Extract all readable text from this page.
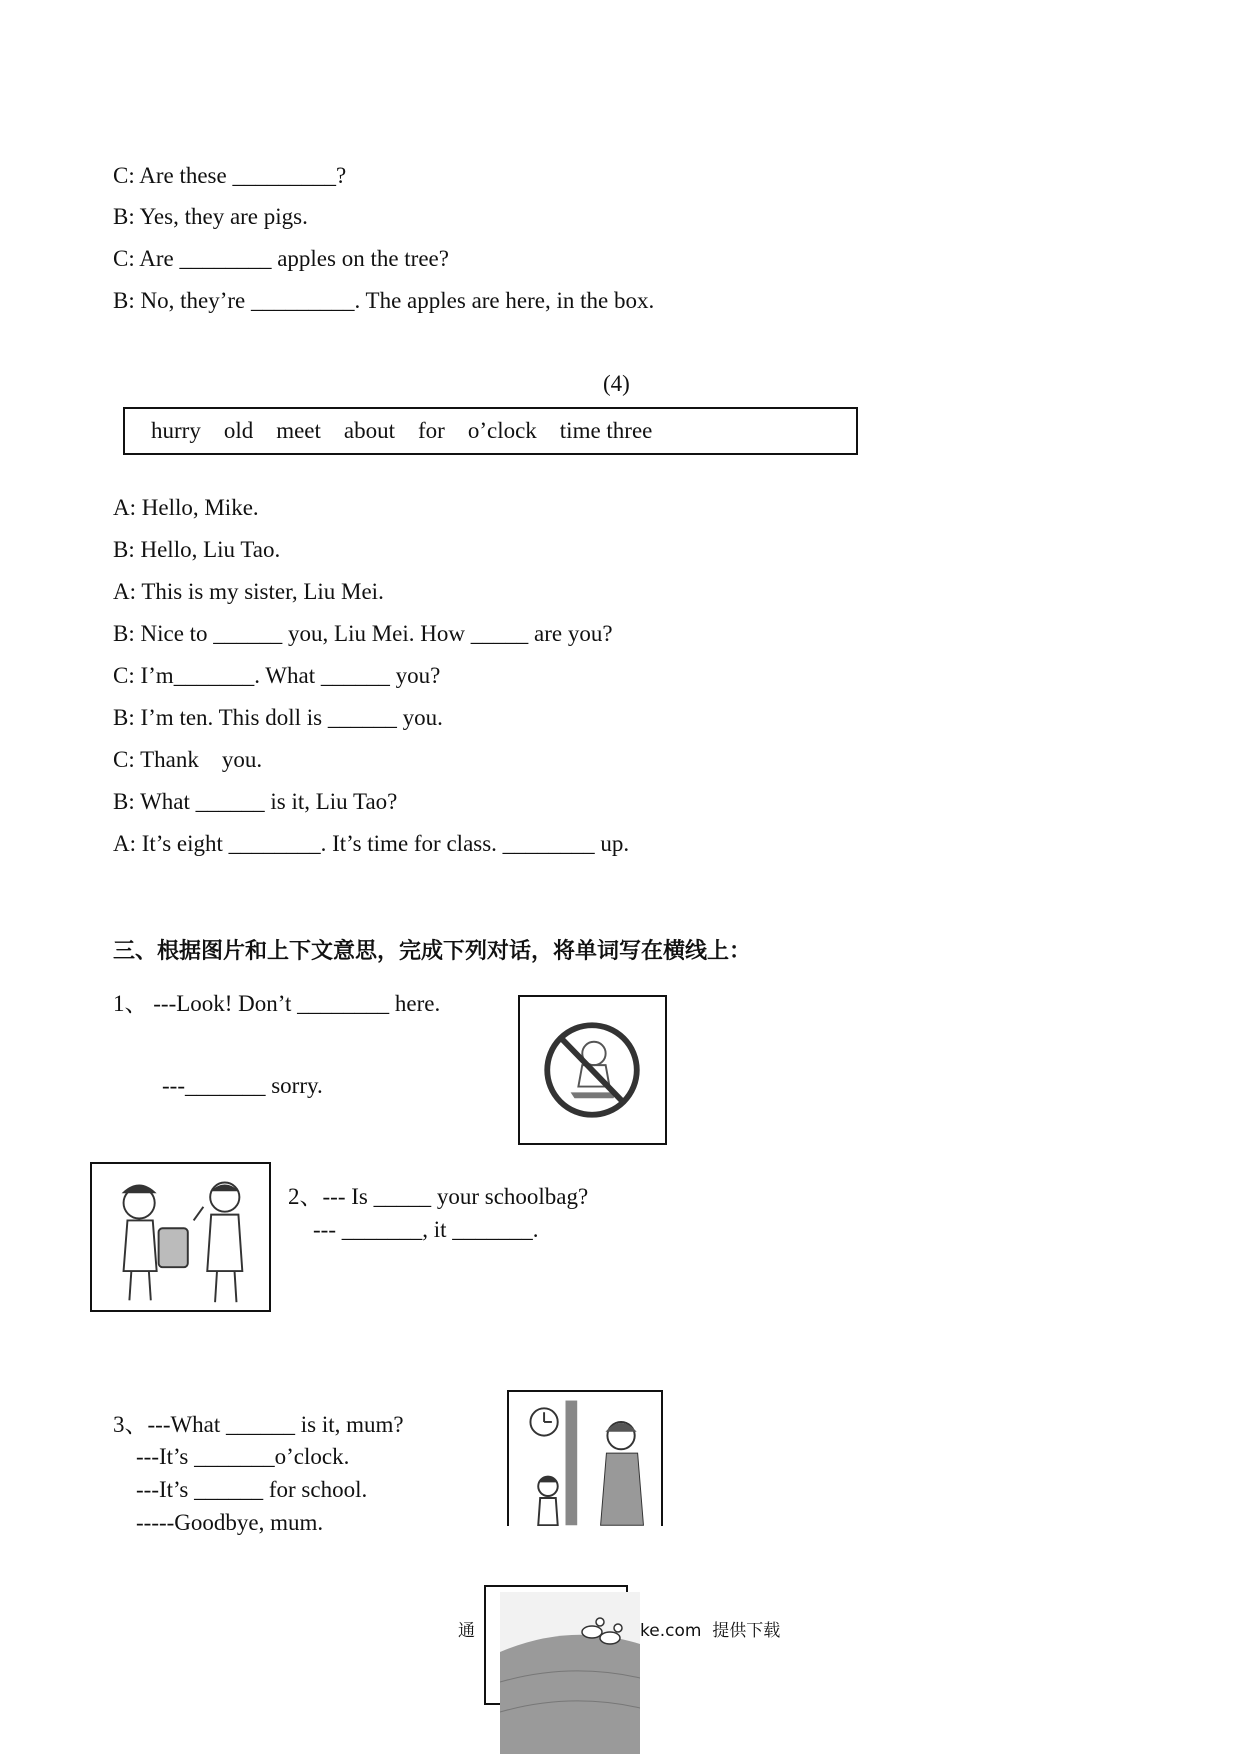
C: Are these _________?
B: Yes, they are pigs.
C: Are ________ apples on the tree?
B: No, they’re _________. The apples are here, in the box.
(4)
hurry    old    meet    about    for    o’clock    time three
A: Hello, Mike.
B: Hello, Liu Tao.
A: This is my sister, Liu Mei.
B: Nice to ______ you, Liu Mei. How _____ are you?
C: I’m_______. What ______ you?
B: I’m ten. This doll is ______ you.
C: Thank    you.
B: What ______ is it, Liu Tao?
A: It’s eight ________. It’s time for class. ________ up.
三、根据图片和上下文意思，完成下列对话，将单词写在横线上：
1、 ---Look! Don’t ________ here.
---_______ sorry.
2、--- Is _____ your schoolbag?
--- _______, it _______.
3、---What ______ is it, mum?
---It’s _______o’clock.
---It’s ______ for school.
-----Goodbye, mum.
通	ke.com  提供下载
